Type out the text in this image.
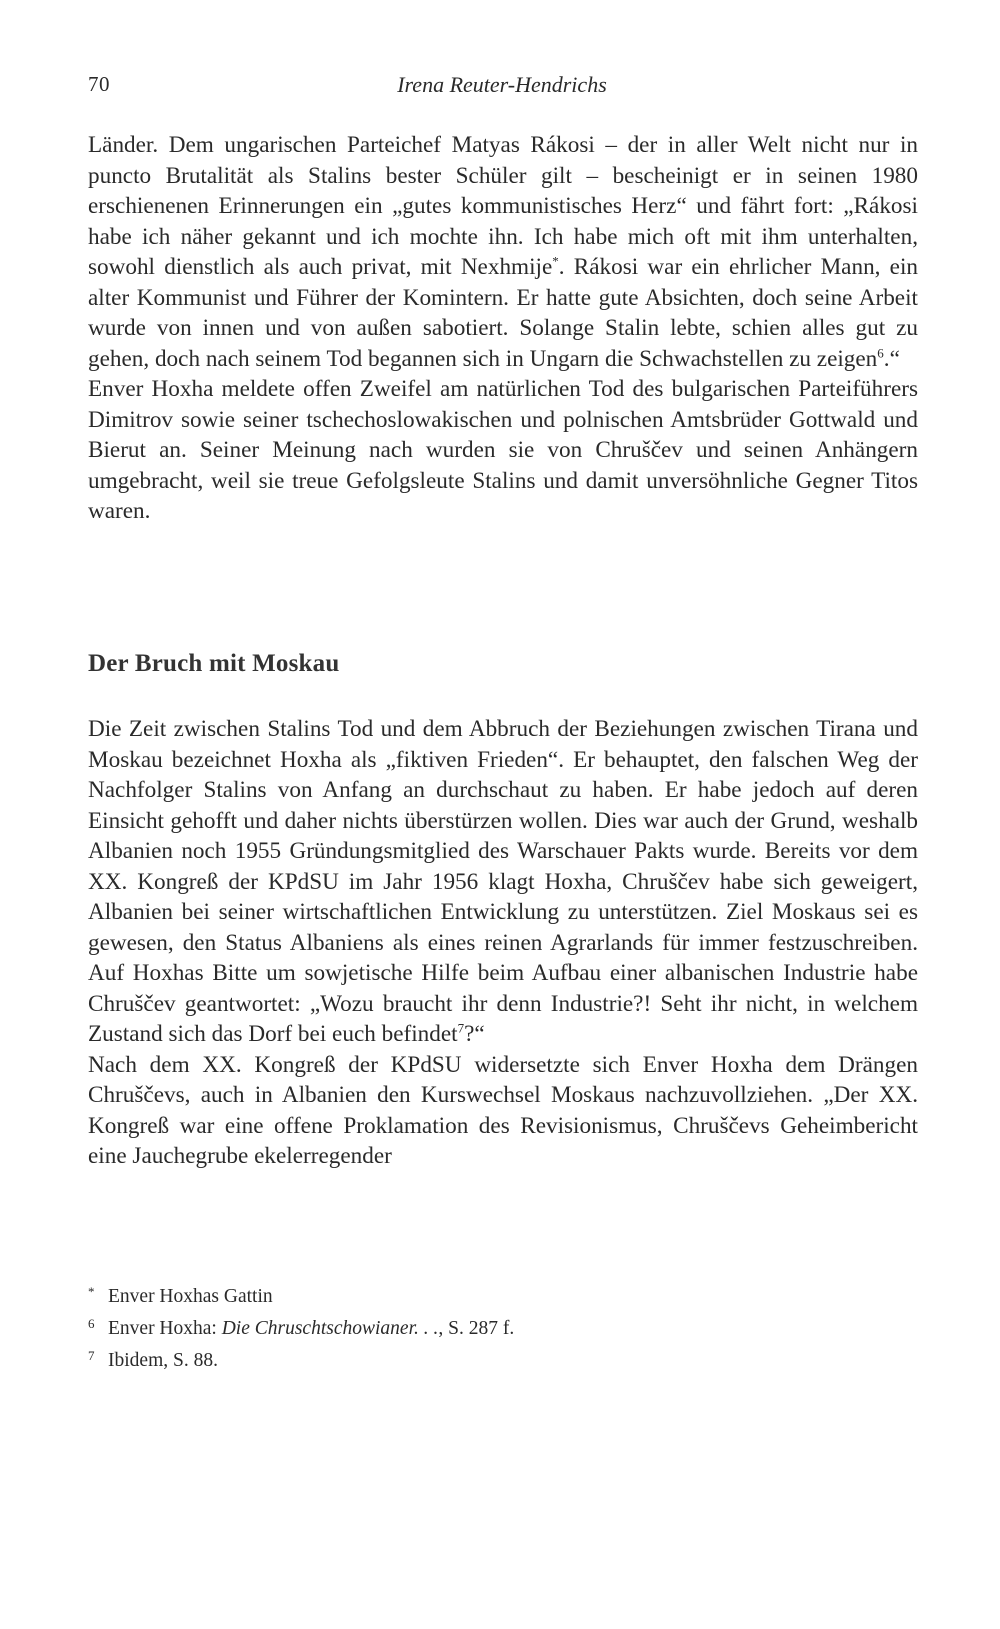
70	Irena Reuter-Hendrichs

Länder. Dem ungarischen Parteichef Matyas Rákosi – der in aller Welt nicht nur in puncto Brutalität als Stalins bester Schüler gilt – bescheinigt er in seinen 1980 erschienenen Erinnerungen ein „gutes kommunistisches Herz“ und fährt fort: „Rákosi habe ich näher gekannt und ich mochte ihn. Ich habe mich oft mit ihm unterhalten, sowohl dienstlich als auch privat, mit Nexhmije*. Rákosi war ein ehrlicher Mann, ein alter Kommunist und Führer der Komintern. Er hatte gute Absichten, doch seine Arbeit wurde von innen und von außen sabotiert. Solange Stalin lebte, schien alles gut zu gehen, doch nach seinem Tod begannen sich in Ungarn die Schwachstellen zu zeigen$^6$.“

Enver Hoxha meldete offen Zweifel am natürlichen Tod des bulgarischen Parteiführers Dimitrov sowie seiner tschechoslowakischen und polnischen Amtsbrüder Gottwald und Bierut an. Seiner Meinung nach wurden sie von Chruščev und seinen Anhängern umgebracht, weil sie treue Gefolgsleute Stalins und damit unversöhnliche Gegner Titos waren.

Der Bruch mit Moskau

Die Zeit zwischen Stalins Tod und dem Abbruch der Beziehungen zwischen Tirana und Moskau bezeichnet Hoxha als „fiktiven Frieden“. Er behauptet, den falschen Weg der Nachfolger Stalins von Anfang an durchschaut zu haben. Er habe jedoch auf deren Einsicht gehofft und daher nichts überstürzen wollen. Dies war auch der Grund, weshalb Albanien noch 1955 Gründungsmitglied des Warschauer Pakts wurde. Bereits vor dem XX. Kongreß der KPdSU im Jahr 1956 klagt Hoxha, Chruščev habe sich geweigert, Albanien bei seiner wirtschaftlichen Entwicklung zu unterstützen. Ziel Moskaus sei es gewesen, den Status Albaniens als eines reinen Agrarlands für immer festzuschreiben. Auf Hoxhas Bitte um sowjetische Hilfe beim Aufbau einer albanischen Industrie habe Chruščev geantwortet: „Wozu braucht ihr denn Industrie?! Seht ihr nicht, in welchem Zustand sich das Dorf bei euch befindet$^7$?“

Nach dem XX. Kongreß der KPdSU widersetzte sich Enver Hoxha dem Drängen Chruščevs, auch in Albanien den Kurswechsel Moskaus nachzuvollziehen. „Der XX. Kongreß war eine offene Proklamation des Revisionismus, Chruščevs Geheimbericht eine Jauchegrube ekelerregender

* Enver Hoxhas Gattin

6 Enver Hoxha: Die Chruschtschowianer. . ., S. 287 f.

7 Ibidem, S. 88.
